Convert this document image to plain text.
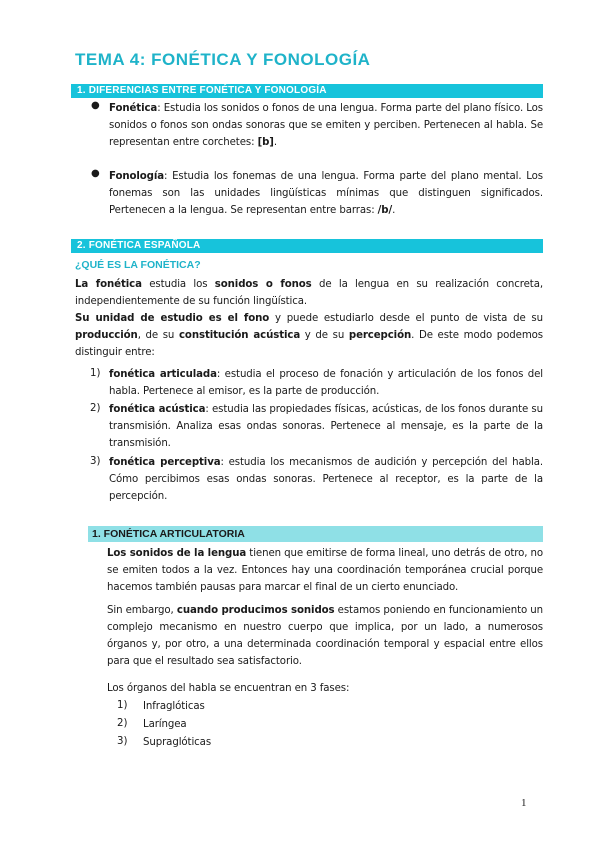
TEMA 4: FONÉTICA Y FONOLOGÍA
1. DIFERENCIAS ENTRE FONÉTICA Y FONOLOGÍA
● Fonética: Estudia los sonidos o fonos de una lengua. Forma parte del plano físico. Los sonidos o fonos son ondas sonoras que se emiten y perciben. Pertenecen al habla. Se representan entre corchetes: [b].
● Fonología: Estudia los fonemas de una lengua. Forma parte del plano mental. Los fonemas son las unidades lingüísticas mínimas que distinguen significados. Pertenecen a la lengua. Se representan entre barras: /b/.
2. FONÉTICA ESPAÑOLA
¿QUÉ ES LA FONÉTICA?
La fonética estudia los sonidos o fonos de la lengua en su realización concreta, independientemente de su función lingüística.
Su unidad de estudio es el fono y puede estudiarlo desde el punto de vista de su producción, de su constitución acústica y de su percepción. De este modo podemos distinguir entre:
1) fonética articulada: estudia el proceso de fonación y articulación de los fonos del habla. Pertenece al emisor, es la parte de producción.
2) fonética acústica: estudia las propiedades físicas, acústicas, de los fonos durante su transmisión. Analiza esas ondas sonoras. Pertenece al mensaje, es la parte de la transmisión.
3) fonética perceptiva: estudia los mecanismos de audición y percepción del habla. Cómo percibimos esas ondas sonoras. Pertenece al receptor, es la parte de la percepción.
1. FONÉTICA ARTICULATORIA
Los sonidos de la lengua tienen que emitirse de forma lineal, uno detrás de otro, no se emiten todos a la vez. Entonces hay una coordinación temporánea crucial porque hacemos también pausas para marcar el final de un cierto enunciado.
Sin embargo, cuando producimos sonidos estamos poniendo en funcionamiento un complejo mecanismo en nuestro cuerpo que implica, por un lado, a numerosos órganos y, por otro, a una determinada coordinación temporal y espacial entre ellos para que el resultado sea satisfactorio.
Los órganos del habla se encuentran en 3 fases:
1) Infraglóticas
2) Laríngea
3) Supraglóticas
1
